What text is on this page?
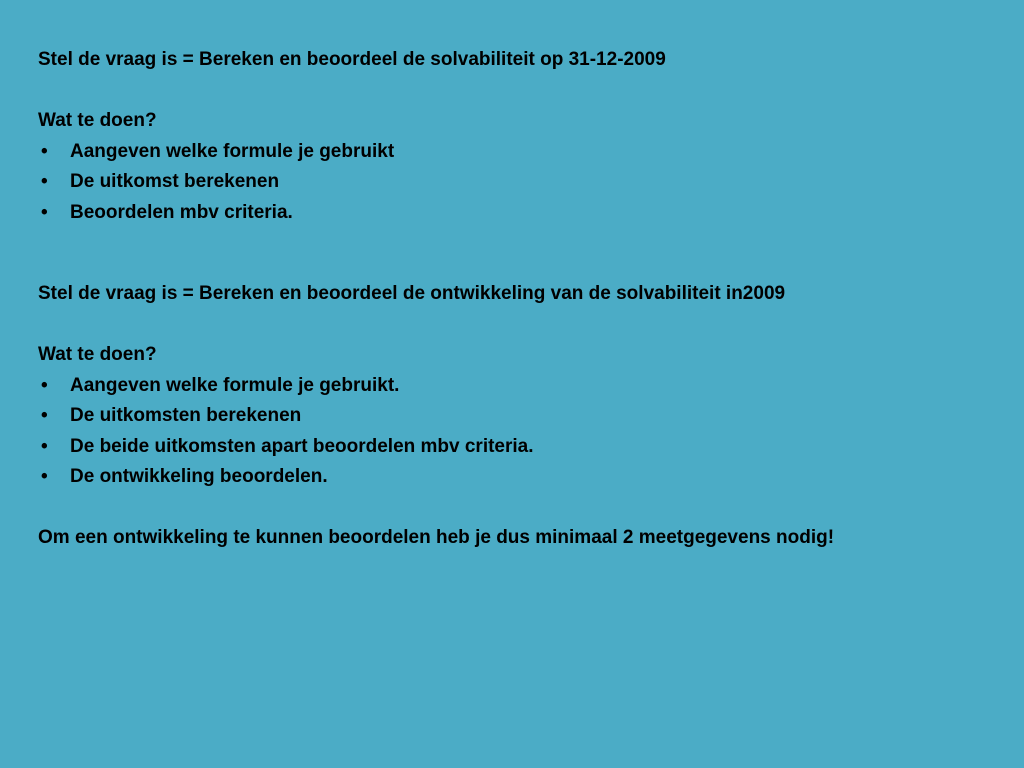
Stel de vraag is = Bereken en beoordeel de solvabiliteit op 31-12-2009
Wat te doen?
•	Aangeven welke formule je gebruikt
•	De uitkomst berekenen
•	Beoordelen mbv criteria.
Stel de vraag is = Bereken en beoordeel de ontwikkeling van de solvabiliteit in2009
Wat te doen?
•	Aangeven welke formule je gebruikt.
•	De uitkomsten berekenen
•	De beide uitkomsten apart beoordelen mbv criteria.
•	De ontwikkeling beoordelen.
Om een ontwikkeling te kunnen beoordelen heb je dus minimaal 2 meetgegevens nodig!
